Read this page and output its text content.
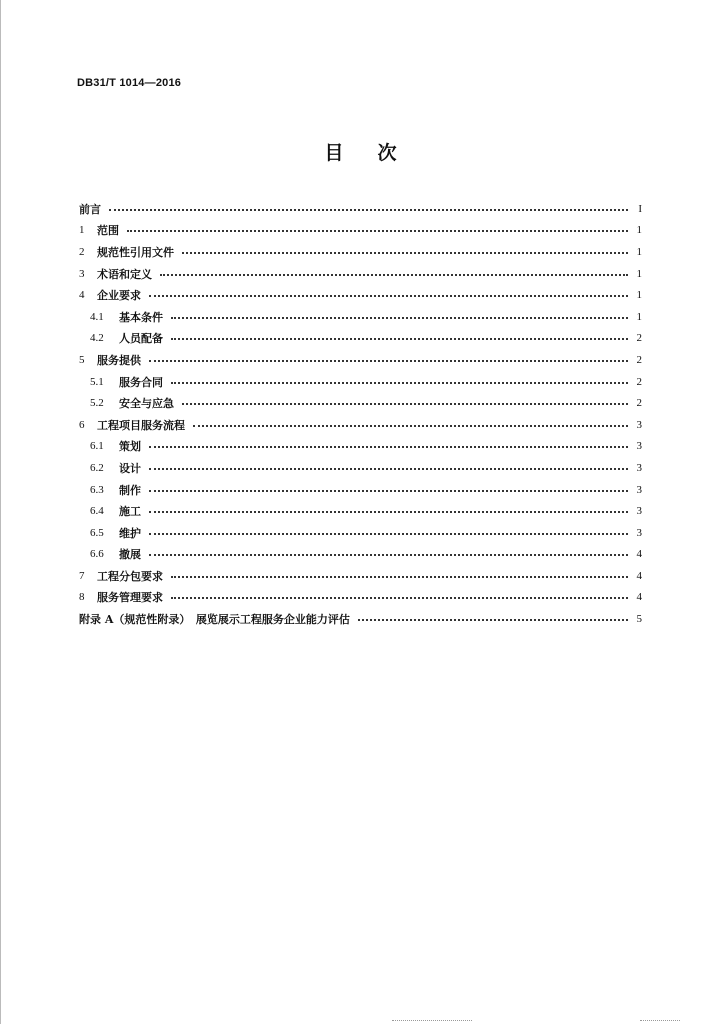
DB31/T 1014—2016
目次
前言	I
1	范围	1
2	规范性引用文件	1
3	术语和定义	1
4	企业要求	1
4.1	基本条件	1
4.2	人员配备	2
5	服务提供	2
5.1	服务合同	2
5.2	安全与应急	2
6	工程项目服务流程	3
6.1	策划	3
6.2	设计	3
6.3	制作	3
6.4	施工	3
6.5	维护	3
6.6	撤展	4
7	工程分包要求	4
8	服务管理要求	4
附录 A（规范性附录）　展览展示工程服务企业能力评估	5
